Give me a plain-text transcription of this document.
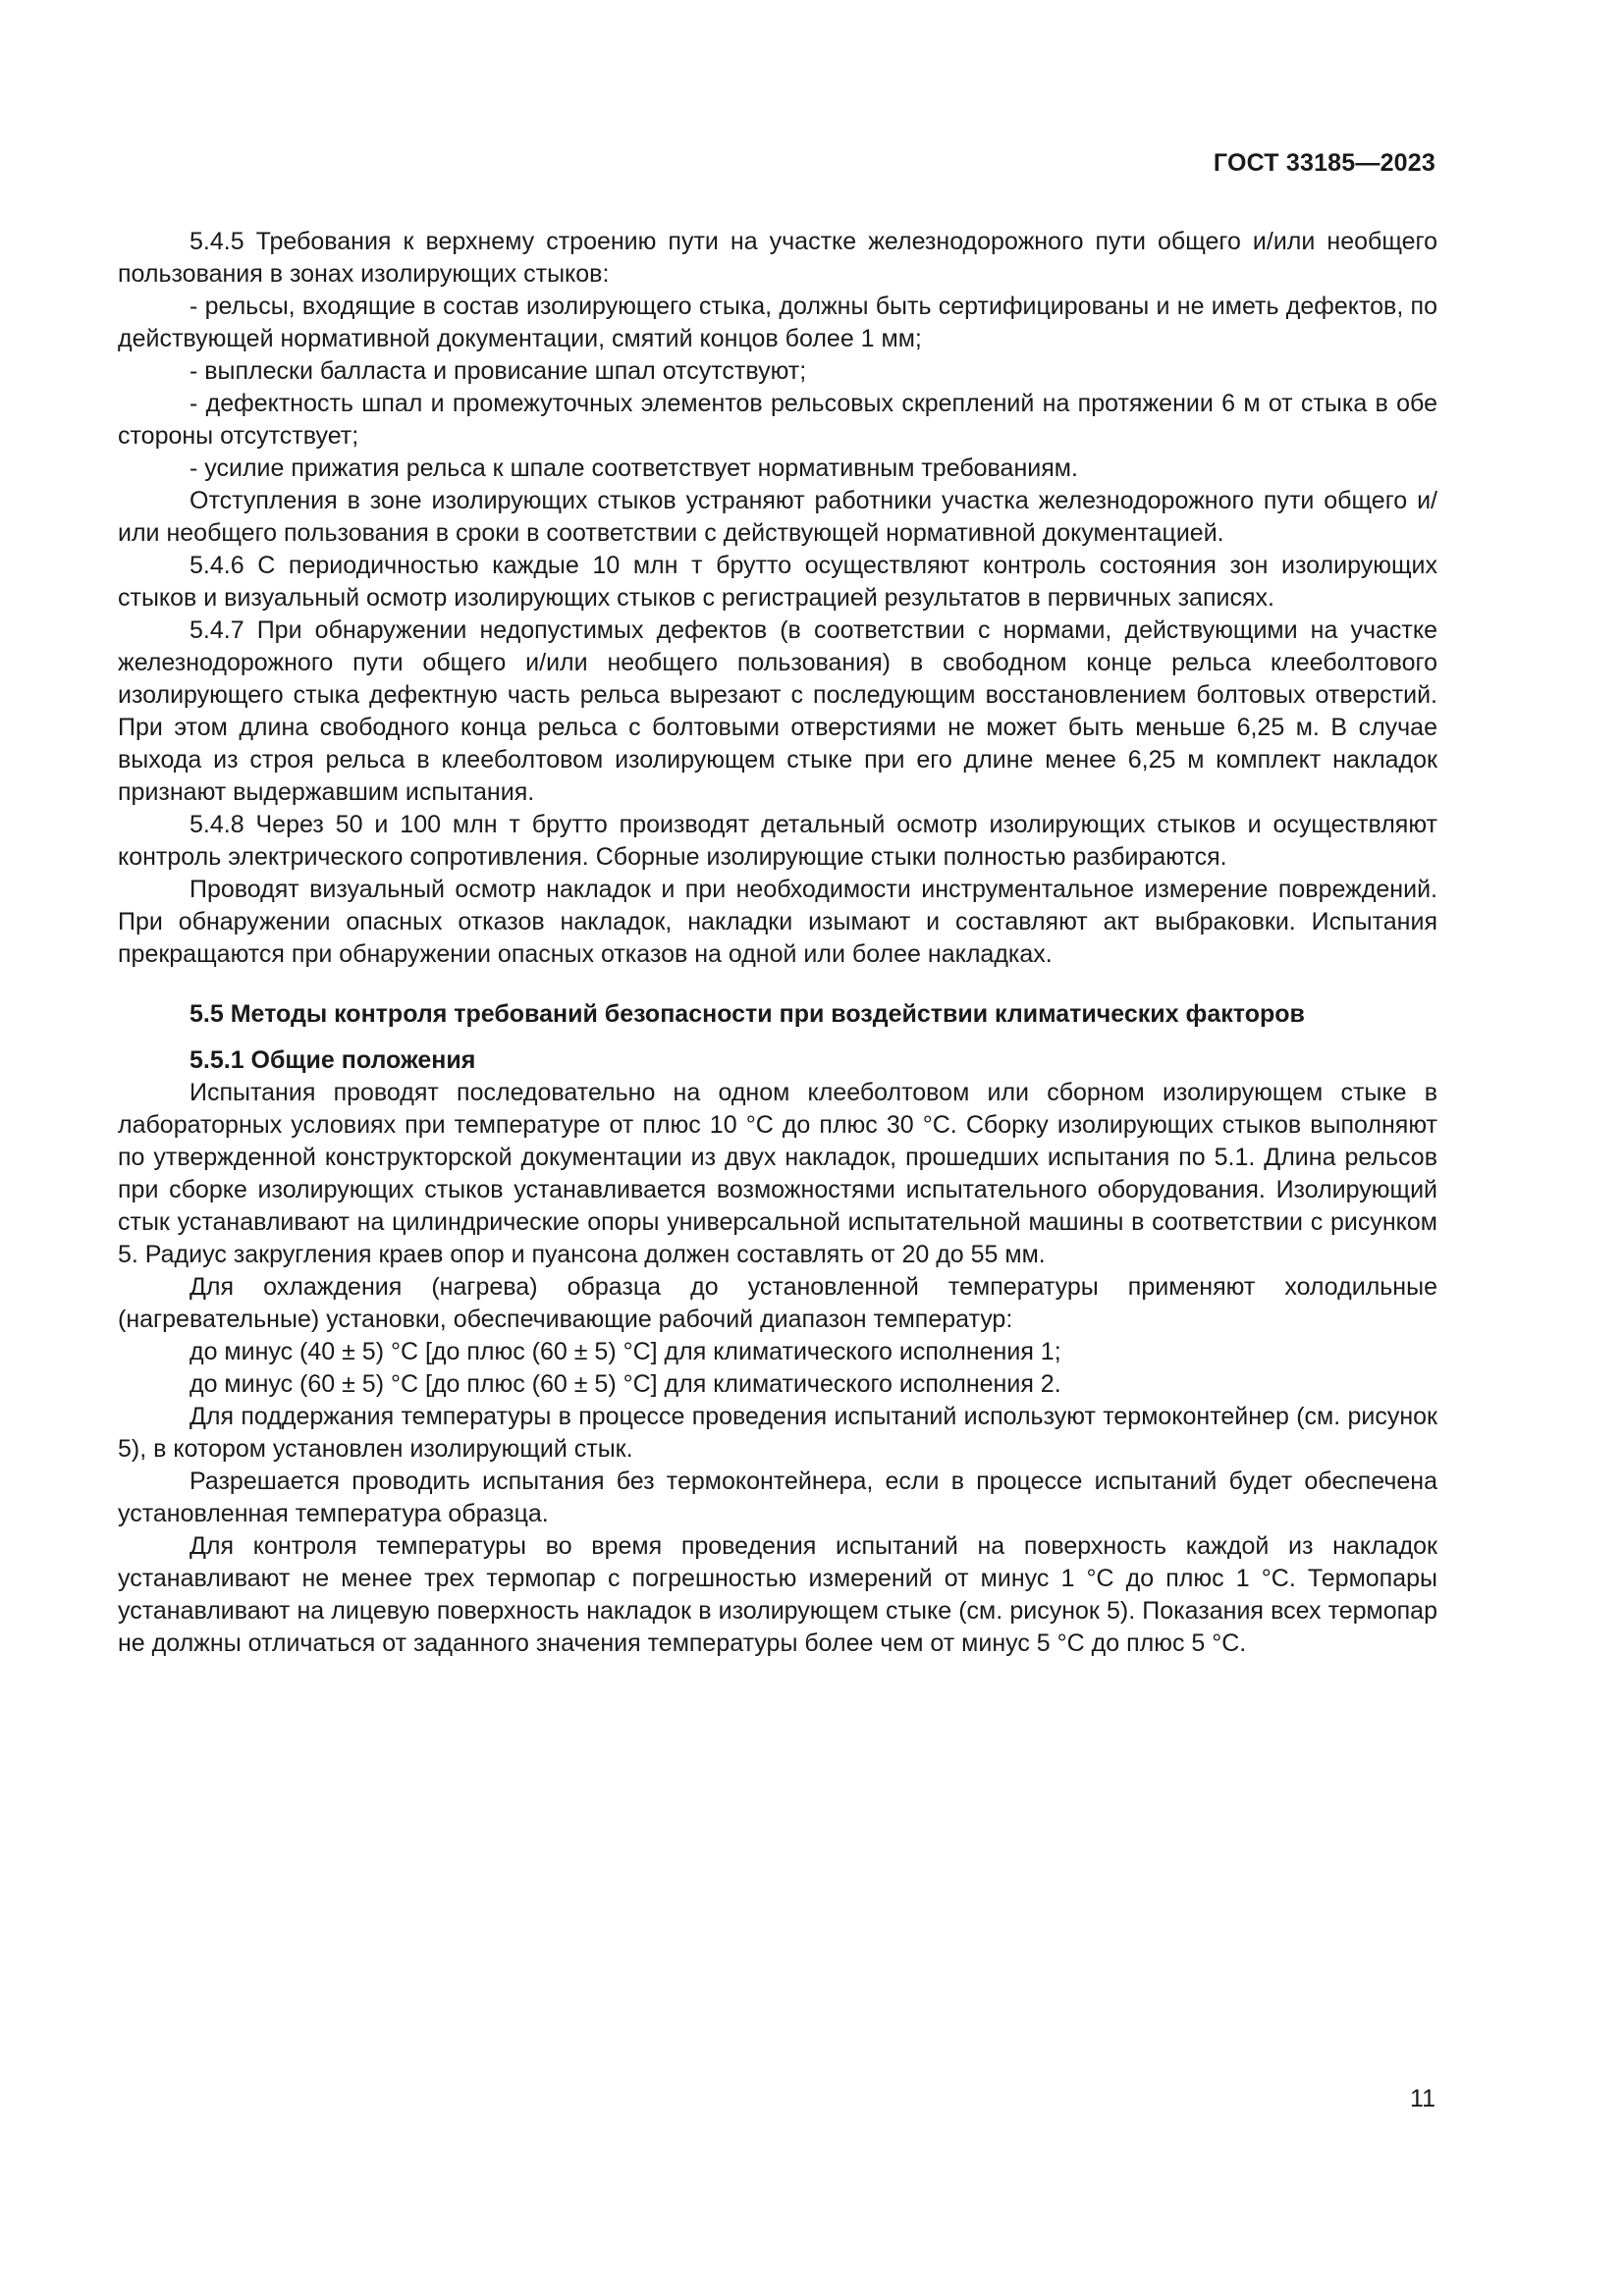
ГОСТ 33185—2023

5.4.5 Требования к верхнему строению пути на участке железнодорожного пути общего и/или необщего пользования в зонах изолирующих стыков:

- рельсы, входящие в состав изолирующего стыка, должны быть сертифицированы и не иметь дефектов, по действующей нормативной документации, смятий концов более 1 мм;

- выплески балласта и провисание шпал отсутствуют;

- дефектность шпал и промежуточных элементов рельсовых скреплений на протяжении 6 м от стыка в обе стороны отсутствует;

- усилие прижатия рельса к шпале соответствует нормативным требованиям.

Отступления в зоне изолирующих стыков устраняют работники участка железнодорожного пути общего и/или необщего пользования в сроки в соответствии с действующей нормативной документацией.

5.4.6 С периодичностью каждые 10 млн т брутто осуществляют контроль состояния зон изолирующих стыков и визуальный осмотр изолирующих стыков с регистрацией результатов в первичных записях.

5.4.7 При обнаружении недопустимых дефектов (в соответствии с нормами, действующими на участке железнодорожного пути общего и/или необщего пользования) в свободном конце рельса клееболтового изолирующего стыка дефектную часть рельса вырезают с последующим восстановлением болтовых отверстий. При этом длина свободного конца рельса с болтовыми отверстиями не может быть меньше 6,25 м. В случае выхода из строя рельса в клееболтовом изолирующем стыке при его длине менее 6,25 м комплект накладок признают выдержавшим испытания.

5.4.8 Через 50 и 100 млн т брутто производят детальный осмотр изолирующих стыков и осуществляют контроль электрического сопротивления. Сборные изолирующие стыки полностью разбираются.

Проводят визуальный осмотр накладок и при необходимости инструментальное измерение повреждений. При обнаружении опасных отказов накладок, накладки изымают и составляют акт выбраковки. Испытания прекращаются при обнаружении опасных отказов на одной или более накладках.

5.5 Методы контроля требований безопасности при воздействии климатических факторов
5.5.1 Общие положения

Испытания проводят последовательно на одном клееболтовом или сборном изолирующем стыке в лабораторных условиях при температуре от плюс 10 °С до плюс 30 °С. Сборку изолирующих стыков выполняют по утвержденной конструкторской документации из двух накладок, прошедших испытания по 5.1. Длина рельсов при сборке изолирующих стыков устанавливается возможностями испытательного оборудования. Изолирующий стык устанавливают на цилиндрические опоры универсальной испытательной машины в соответствии с рисунком 5. Радиус закругления краев опор и пуансона должен составлять от 20 до 55 мм.

Для охлаждения (нагрева) образца до установленной температуры применяют холодильные (нагревательные) установки, обеспечивающие рабочий диапазон температур:

до минус (40 ± 5) °С [до плюс (60 ± 5) °С] для климатического исполнения 1;

до минус (60 ± 5) °С [до плюс (60 ± 5) °С] для климатического исполнения 2.

Для поддержания температуры в процессе проведения испытаний используют термоконтейнер (см. рисунок 5), в котором установлен изолирующий стык.

Разрешается проводить испытания без термоконтейнера, если в процессе испытаний будет обеспечена установленная температура образца.

Для контроля температуры во время проведения испытаний на поверхность каждой из накладок устанавливают не менее трех термопар с погрешностью измерений от минус 1 °С до плюс 1 °С. Термопары устанавливают на лицевую поверхность накладок в изолирующем стыке (см. рисунок 5). Показания всех термопар не должны отличаться от заданного значения температуры более чем от минус 5 °С до плюс 5 °С.

11
